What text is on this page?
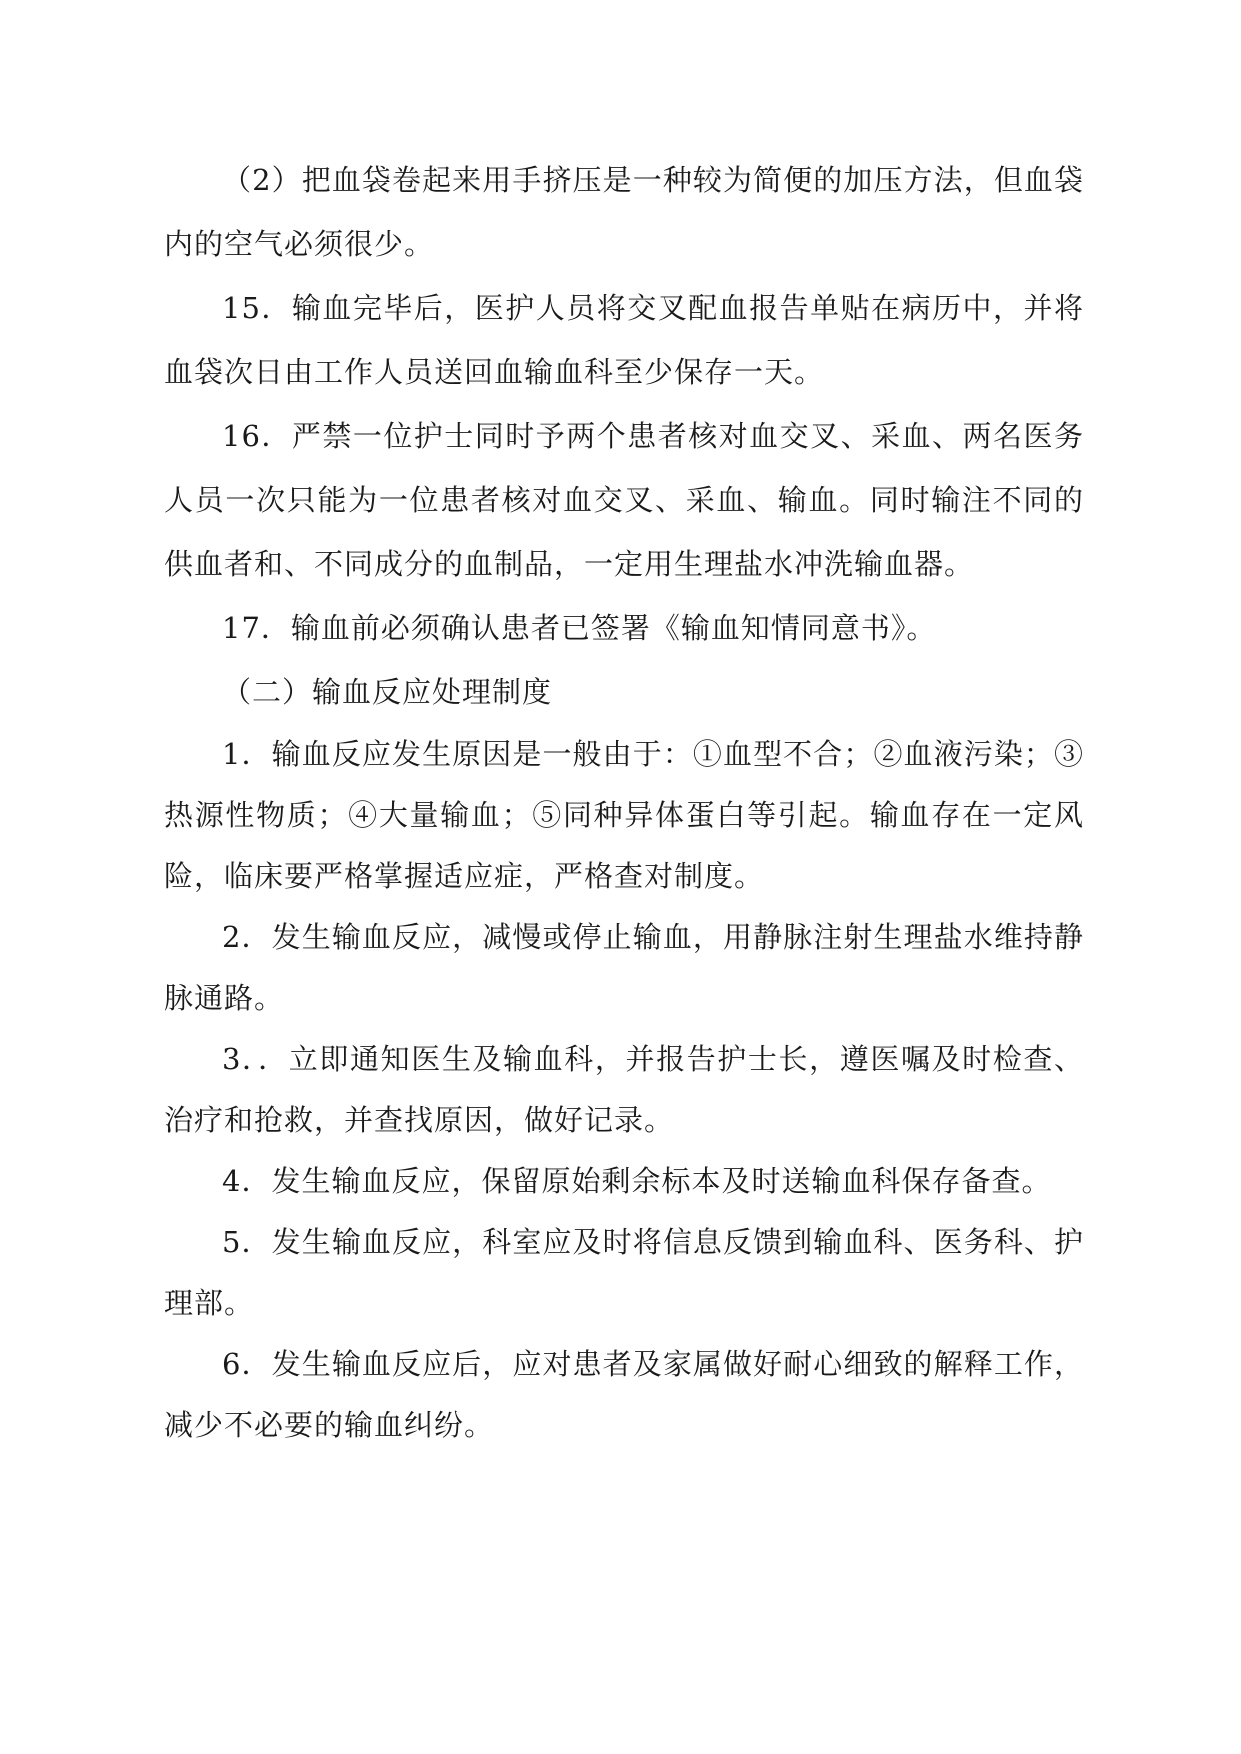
（2）把血袋卷起来用手挤压是一种较为简便的加压方法，但血袋内的空气必须很少。

15．输血完毕后，医护人员将交叉配血报告单贴在病历中，并将血袋次日由工作人员送回血输血科至少保存一天。

16．严禁一位护士同时予两个患者核对血交叉、采血、两名医务人员一次只能为一位患者核对血交叉、采血、输血。同时输注不同的供血者和、不同成分的血制品，一定用生理盐水冲洗输血器。

17．输血前必须确认患者已签署《输血知情同意书》。

（二）输血反应处理制度

1．输血反应发生原因是一般由于：①血型不合；②血液污染；③热源性物质；④大量输血；⑤同种异体蛋白等引起。输血存在一定风险，临床要严格掌握适应症，严格查对制度。

2．发生输血反应，减慢或停止输血，用静脉注射生理盐水维持静脉通路。

3．．立即通知医生及输血科，并报告护士长，遵医嘱及时检查、治疗和抢救，并查找原因，做好记录。

4．发生输血反应，保留原始剩余标本及时送输血科保存备查。

5．发生输血反应，科室应及时将信息反馈到输血科、医务科、护理部。

6．发生输血反应后，应对患者及家属做好耐心细致的解释工作，减少不必要的输血纠纷。
